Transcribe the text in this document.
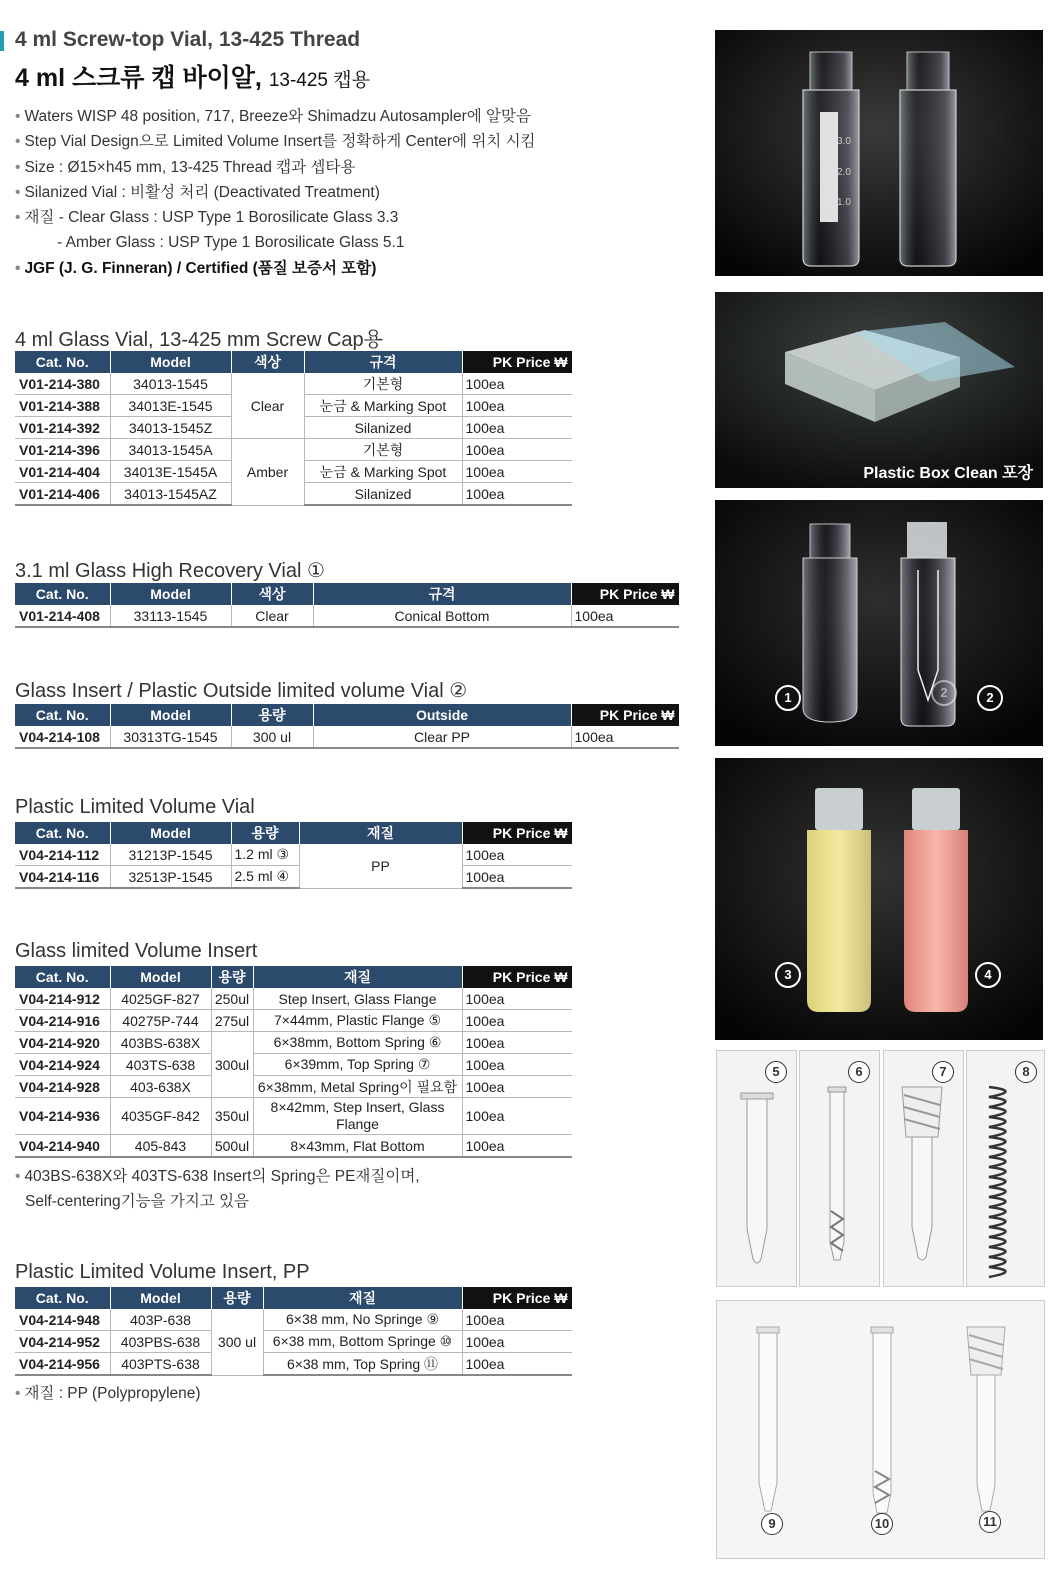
4 ml Screw-top Vial, 13-425 Thread
4 ml 스크류 캡 바이알, 13-425 캡용
• Waters WISP 48 position, 717, Breeze와 Shimadzu Autosampler에 알맞음
• Step Vial Design으로 Limited Volume Insert를 정확하게 Center에 위치 시킴
• Size : Ø15×h45 mm, 13-425 Thread 캡과 셉타용
• Silanized Vial : 비활성 처리 (Deactivated Treatment)
• 재질 - Clear Glass : USP Type 1 Borosilicate Glass 3.3
- Amber Glass : USP Type 1 Borosilicate Glass 5.1
• JGF (J. G. Finneran) / Certified (품질 보증서 포함)
4 ml Glass Vial, 13-425 mm Screw Cap용
Cat. No.	Model	색상	규격	PK Price ₩
V01-214-380	34013-1545	Clear	기본형	100ea
V01-214-388	34013E-1545		눈금 & Marking Spot	100ea
V01-214-392	34013-1545Z		Silanized	100ea
V01-214-396	34013-1545A	Amber	기본형	100ea
V01-214-404	34013E-1545A		눈금 & Marking Spot	100ea
V01-214-406	34013-1545AZ		Silanized	100ea
3.1 ml Glass High Recovery Vial ①
Cat. No.	Model	색상	규격	PK Price ₩
V01-214-408	33113-1545	Clear	Conical Bottom	100ea
Glass Insert / Plastic Outside limited volume Vial ②
Cat. No.	Model	용량	Outside	PK Price ₩
V04-214-108	30313TG-1545	300 ul	Clear PP	100ea
Plastic Limited Volume Vial
Cat. No.	Model	용량	재질	PK Price ₩
V04-214-112	31213P-1545	1.2 ml ③	PP	100ea
V04-214-116	32513P-1545	2.5 ml ④		100ea
Glass limited Volume Insert
Cat. No.	Model	용량	재질	PK Price ₩
V04-214-912	4025GF-827	250ul	Step Insert, Glass Flange	100ea
V04-214-916	40275P-744	275ul	7×44mm, Plastic Flange ⑤	100ea
V04-214-920	403BS-638X	300ul	6×38mm, Bottom Spring ⑥	100ea
V04-214-924	403TS-638		6×39mm, Top Spring ⑦	100ea
V04-214-928	403-638X		6×38mm, Metal Spring이 필요함	100ea
V04-214-936	4035GF-842	350ul	8×42mm, Step Insert, Glass Flange	100ea
V04-214-940	405-843	500ul	8×43mm, Flat Bottom	100ea
• 403BS-638X와 403TS-638 Insert의 Spring은 PE재질이며,
Self-centering기능을 가지고 있음
Plastic Limited Volume Insert, PP
Cat. No.	Model	용량	재질	PK Price ₩
V04-214-948	403P-638	300 ul	6×38 mm, No Springe ⑨	100ea
V04-214-952	403PBS-638		6×38 mm, Bottom Springe ⑩	100ea
V04-214-956	403PTS-638		6×38 mm, Top Spring ⑪	100ea
• 재질 : PP (Polypropylene)
3.0
2.0
1.0
Plastic Box Clean 포장
1	2	2
3	4
5	6	7	8
9	10	11
